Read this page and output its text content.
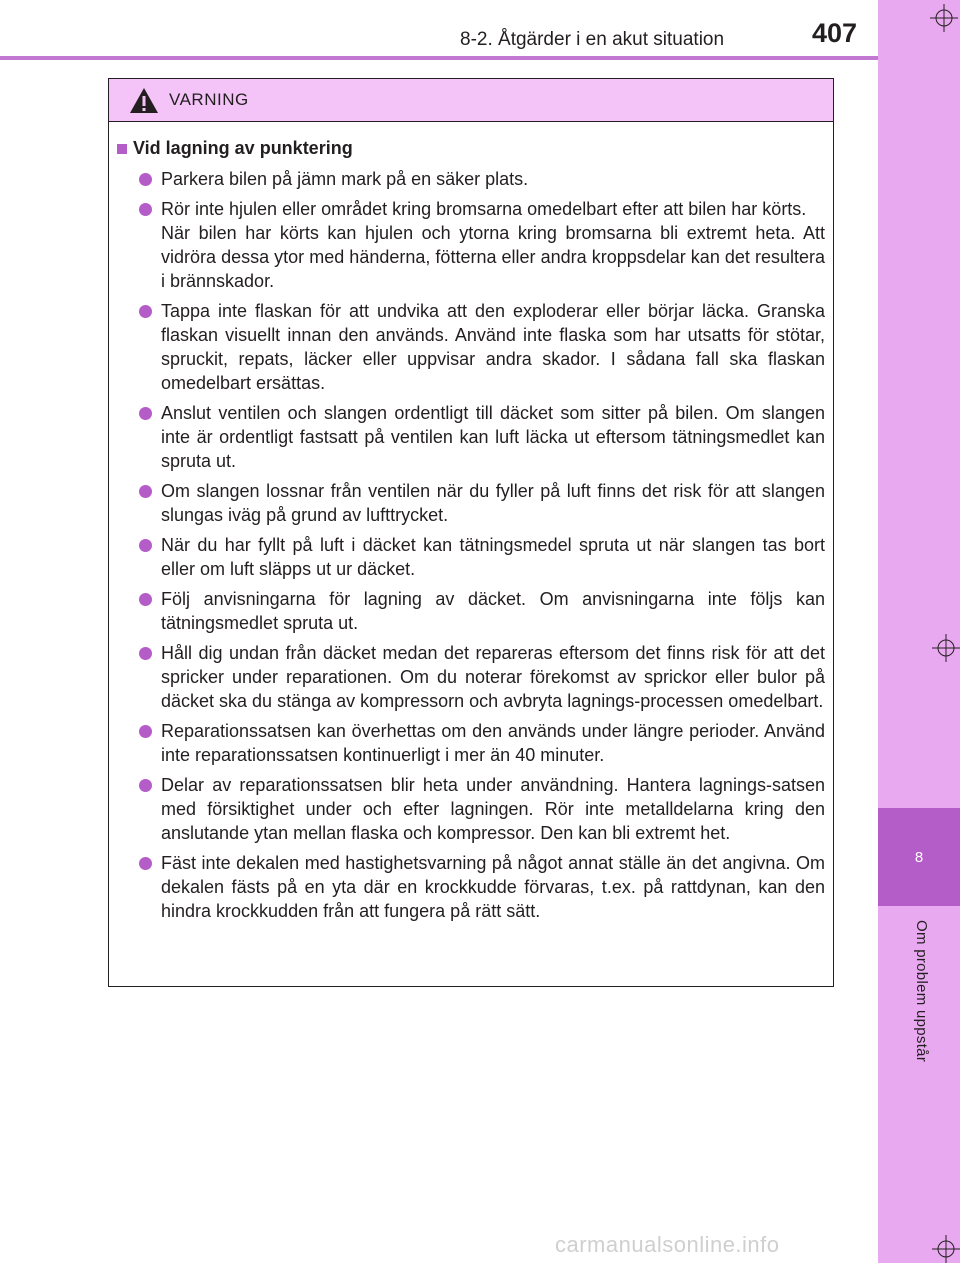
8
Om problem uppstår
8-2. Åtgärder i en akut situation	407
VARNING
Vid lagning av punktering
Parkera bilen på jämn mark på en säker plats.
Rör inte hjulen eller området kring bromsarna omedelbart efter att bilen har körts.
När bilen har körts kan hjulen och ytorna kring bromsarna bli extremt heta. Att vidröra dessa ytor med händerna, fötterna eller andra kroppsdelar kan det resultera i brännskador.
Tappa inte flaskan för att undvika att den exploderar eller börjar läcka. Granska flaskan visuellt innan den används. Använd inte flaska som har utsatts för stötar, spruckit, repats, läcker eller uppvisar andra skador. I sådana fall ska flaskan omedelbart ersättas.
Anslut ventilen och slangen ordentligt till däcket som sitter på bilen. Om slangen inte är ordentligt fastsatt på ventilen kan luft läcka ut eftersom tätningsmedlet kan spruta ut.
Om slangen lossnar från ventilen när du fyller på luft finns det risk för att slangen slungas iväg på grund av lufttrycket.
När du har fyllt på luft i däcket kan tätningsmedel spruta ut när slangen tas bort eller om luft släpps ut ur däcket.
Följ anvisningarna för lagning av däcket. Om anvisningarna inte följs kan tätningsmedlet spruta ut.
Håll dig undan från däcket medan det repareras eftersom det finns risk för att det spricker under reparationen. Om du noterar förekomst av sprickor eller bulor på däcket ska du stänga av kompressorn och avbryta lagnings-processen omedelbart.
Reparationssatsen kan överhettas om den används under längre perioder. Använd inte reparationssatsen kontinuerligt i mer än 40 minuter.
Delar av reparationssatsen blir heta under användning. Hantera lagnings-satsen med försiktighet under och efter lagningen. Rör inte metalldelarna kring den anslutande ytan mellan flaska och kompressor. Den kan bli extremt het.
Fäst inte dekalen med hastighetsvarning på något annat ställe än det angivna. Om dekalen fästs på en yta där en krockkudde förvaras, t.ex. på rattdynan, kan den hindra krockkudden från att fungera på rätt sätt.
carmanualsonline.info
